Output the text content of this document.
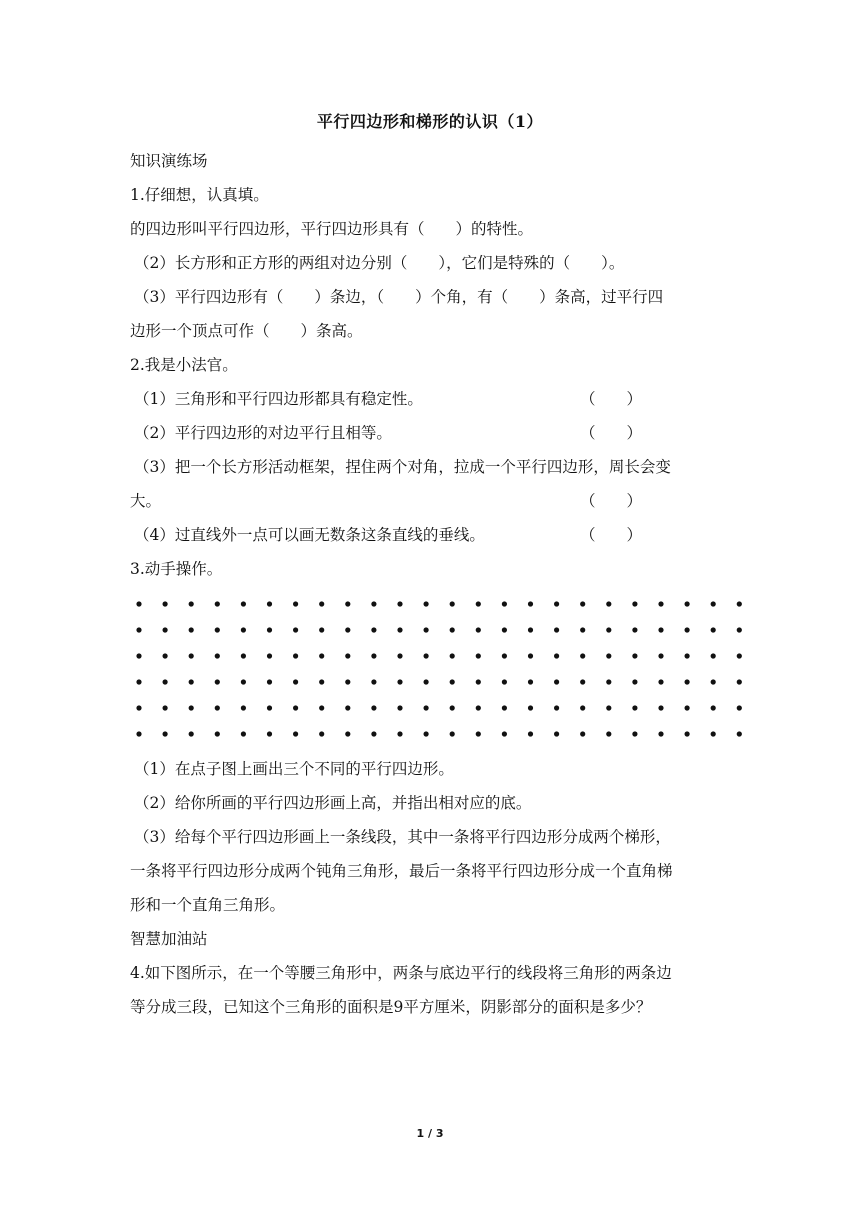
平行四边形和梯形的认识（1）
知识演练场
1.仔细想，认真填。
的四边形叫平行四边形，平行四边形具有（　　）的特性。
（2）长方形和正方形的两组对边分别（　　），它们是特殊的（　　）。
（3）平行四边形有（　　）条边，（　　）个角，有（　　）条高，过平行四
边形一个顶点可作（　　）条高。
2.我是小法官。
（1）三角形和平行四边形都具有稳定性。	（　　）
（2）平行四边形的对边平行且相等。	（　　）
（3）把一个长方形活动框架，捏住两个对角，拉成一个平行四边形，周长会变
大。	（　　）
（4）过直线外一点可以画无数条这条直线的垂线。	（　　）
3.动手操作。
（1）在点子图上画出三个不同的平行四边形。
（2）给你所画的平行四边形画上高，并指出相对应的底。
（3）给每个平行四边形画上一条线段，其中一条将平行四边形分成两个梯形，
一条将平行四边形分成两个钝角三角形，最后一条将平行四边形分成一个直角梯
形和一个直角三角形。
智慧加油站
4.如下图所示，在一个等腰三角形中，两条与底边平行的线段将三角形的两条边
等分成三段，已知这个三角形的面积是9平方厘米，阴影部分的面积是多少？
1 / 3
